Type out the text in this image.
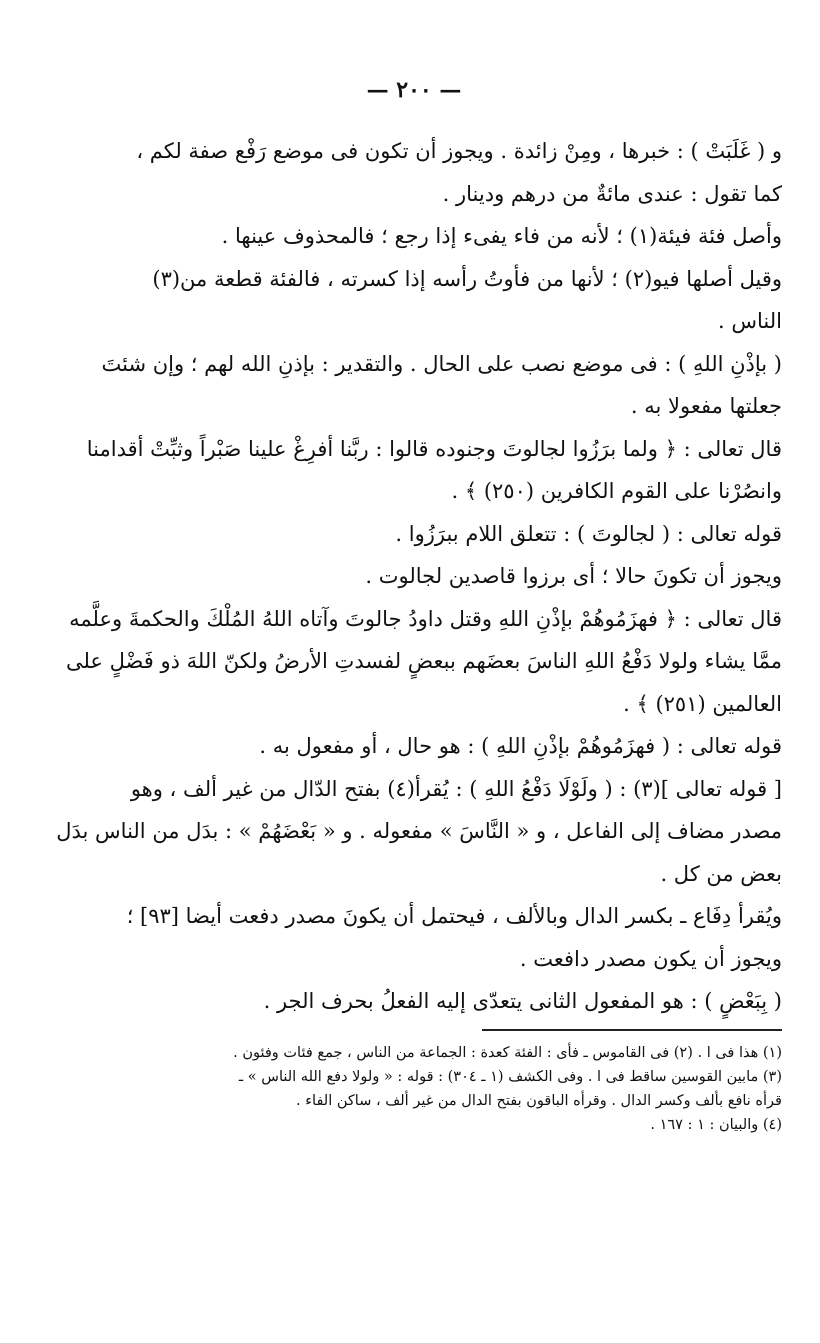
— ٢٠٠ —

و ( غَلَبَتْ ) : خبرها ، ومِنْ زائدة . ويجوز أن تكون فى موضع رَفْع صفة لكم ،

كما تقول : عندى مائةٌ من درهم ودينار .

وأصل فئة فيئة(١) ؛ لأنه من فاء يفىء إذا رجع ؛ فالمحذوف عينها .

وقيل أصلها فيو(٢) ؛ لأنها من فأوتُ رأسه إذا كسرته ، فالفئة قطعة من(٣)

الناس .

( بإذْنِ اللهِ ) : فى موضع نصب على الحال . والتقدير : بإذنِ الله لهم ؛ وإن شئتَ

جعلتها مفعولا به .

قال تعالى : ﴿ ولما برَزُوا لجالوتَ وجنوده قالوا : ربَّنا أفرِغْ علينا صَبْراً وثبِّتْ أقدامنا

وانصُرْنا على القوم الكافرين (٢٥٠) ﴾ .

قوله تعالى : ( لجالوتَ ) : تتعلق اللام ببرَزُوا .

ويجوز أن تكونَ حالا ؛ أى برزوا قاصدين لجالوت .

قال تعالى : ﴿ فهزَمُوهُمْ بإذْنِ اللهِ وقتل داودُ جالوتَ وآتاه اللهُ المُلْكَ والحكمةَ وعلَّمه

ممَّا يشاء ولولا دَفْعُ اللهِ الناسَ بعضَهم ببعضٍ لفسدتِ الأرضُ ولكنّ اللهَ ذو فَضْلٍ على

العالمين (٢٥١) ﴾ .

قوله تعالى : ( فهزَمُوهُمْ بإذْنِ اللهِ ) : هو حال ، أو مفعول به .

[ قوله تعالى ](٣) : ( ولَوْلَا دَفْعُ اللهِ ) : يُقرأ(٤) بفتح الدّال من غير ألف ، وهو

مصدر مضاف إلى الفاعل ، و « النَّاسَ » مفعوله . و « بَعْضَهُمْ » : بدَل من الناس بدَل

بعض من كل .

ويُقرأ دِفَاع ـ بكسر الدال وبالألف ، فيحتمل أن يكونَ مصدر دفعت أيضا [٩٣] ؛

ويجوز أن يكون مصدر دافعت .

( بِبَعْضٍ ) : هو المفعول الثانى يتعدّى إليه الفعلُ بحرف الجر .

(١) هذا فى ا . (٢) فى القاموس ـ فأى : الفئة كعدة : الجماعة من الناس ، جمع فئات وفئون .

(٣) مابين القوسين ساقط فى ا . وفى الكشف (١ ـ ٣٠٤) : قوله : « ولولا دفع الله الناس » ـ

قرأه نافع بألف وكسر الدال . وقرأه الباقون بفتح الدال من غير ألف ، ساكن الفاء .

(٤) والبيان : ١ : ١٦٧ .
